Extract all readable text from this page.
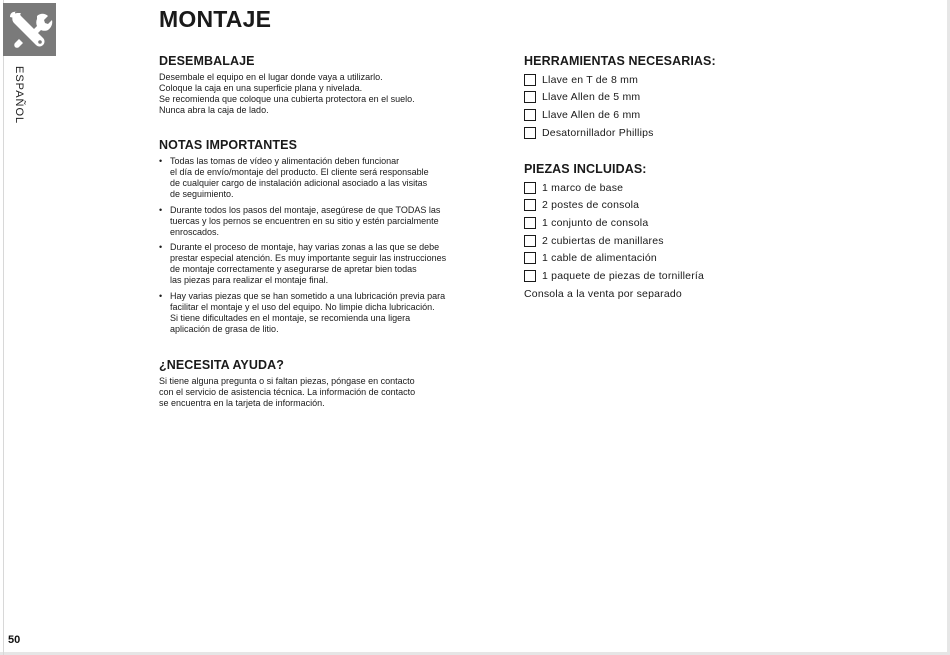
ESPAÑOL
50
MONTAJE
DESEMBALAJE

Desembale el equipo en el lugar donde vaya a utilizarlo.
Coloque la caja en una superficie plana y nivelada.
Se recomienda que coloque una cubierta protectora en el suelo.
Nunca abra la caja de lado.

NOTAS IMPORTANTES
• Todas las tomas de vídeo y alimentación deben funcionar
el día de envío/montaje del producto. El cliente será responsable
de cualquier cargo de instalación adicional asociado a las visitas
de seguimiento.
• Durante todos los pasos del montaje, asegúrese de que TODAS las
tuercas y los pernos se encuentren en su sitio y estén parcialmente
enroscados.
• Durante el proceso de montaje, hay varias zonas a las que se debe
prestar especial atención. Es muy importante seguir las instrucciones
de montaje correctamente y asegurarse de apretar bien todas
las piezas para realizar el montaje final.
• Hay varias piezas que se han sometido a una lubricación previa para
facilitar el montaje y el uso del equipo. No limpie dicha lubricación.
Si tiene dificultades en el montaje, se recomienda una ligera
aplicación de grasa de litio.
¿NECESITA AYUDA?

Si tiene alguna pregunta o si faltan piezas, póngase en contacto
con el servicio de asistencia técnica. La información de contacto
se encuentra en la tarjeta de información.

HERRAMIENTAS NECESARIAS:
Llave en T de 8 mm
Llave Allen de 5 mm
Llave Allen de 6 mm
Desatornillador Phillips
PIEZAS INCLUIDAS:
1 marco de base
2 postes de consola
1 conjunto de consola
2 cubiertas de manillares
1 cable de alimentación
1 paquete de piezas de tornillería
Consola a la venta por separado
